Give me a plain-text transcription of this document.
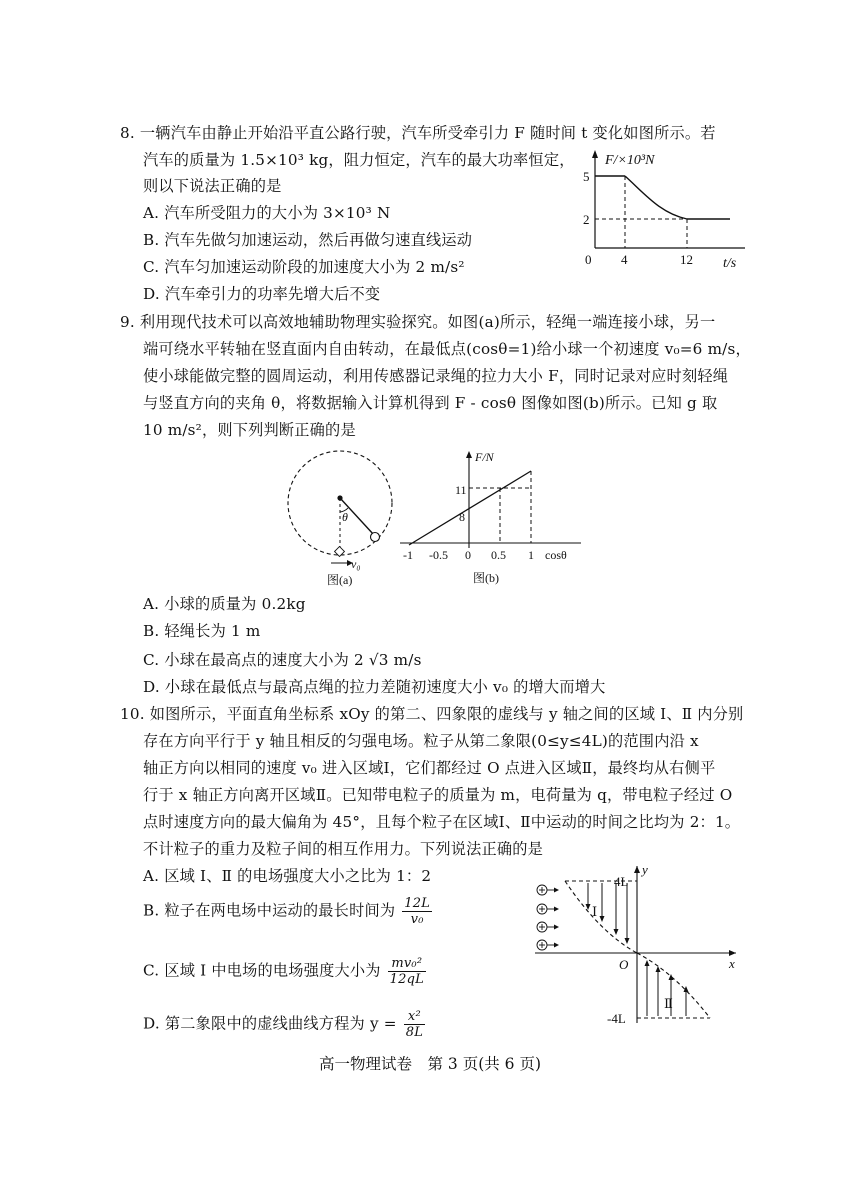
8. 一辆汽车由静止开始沿平直公路行驶，汽车所受牵引力 F 随时间 t 变化如图所示。若
汽车的质量为 1.5×10³ kg，阻力恒定，汽车的最大功率恒定，
则以下说法正确的是
A. 汽车所受阻力的大小为 3×10³ N
B. 汽车先做匀加速运动，然后再做匀速直线运动
C. 汽车匀加速运动阶段的加速度大小为 2 m/s²
D. 汽车牵引力的功率先增大后不变
F/×10³N
5
2
0 4	12 t/s
9. 利用现代技术可以高效地辅助物理实验探究。如图(a)所示，轻绳一端连接小球，另一
端可绕水平转轴在竖直面内自由转动，在最低点(cosθ=1)给小球一个初速度 v₀=6 m/s，
使小球能做完整的圆周运动，利用传感器记录绳的拉力大小 F，同时记录对应时刻轻绳
与竖直方向的夹角 θ，将数据输入计算机得到 F - cosθ 图像如图(b)所示。已知 g 取
10 m/s²，则下列判断正确的是
θ
v₀
图(a)
F/N
11
8
-1 -0.5 0 0.5 1 cosθ
图(b)
A. 小球的质量为 0.2kg
B. 轻绳长为 1 m
C. 小球在最高点的速度大小为 2 √3 m/s
D. 小球在最低点与最高点绳的拉力差随初速度大小 v₀ 的增大而增大
10. 如图所示，平面直角坐标系 xOy 的第二、四象限的虚线与 y 轴之间的区域 Ⅰ、Ⅱ 内分别
存在方向平行于 y 轴且相反的匀强电场。粒子从第二象限(0≤y≤4L)的范围内沿 x
轴正方向以相同的速度 v₀ 进入区域Ⅰ，它们都经过 O 点进入区域Ⅱ，最终均从右侧平
行于 x 轴正方向离开区域Ⅱ。已知带电粒子的质量为 m，电荷量为 q，带电粒子经过 O
点时速度方向的最大偏角为 45°，且每个粒子在区域Ⅰ、Ⅱ中运动的时间之比均为 2：1。
不计粒子的重力及粒子间的相互作用力。下列说法正确的是
A. 区域 Ⅰ、Ⅱ 的电场强度大小之比为 1：2
B. 粒子在两电场中运动的最长时间为 $\frac{12L}{\text{v₀}}$
C. 区域 Ⅰ 中电场的电场强度大小为 $\frac{\text{mv₀²}}{12qL}$
D. 第二象限中的虚线曲线方程为 $y = \frac{\text{x²}}{8L}$
y
x
O
4L
-4L
Ⅰ
Ⅱ
高一物理试卷　第 3 页(共 6 页)
